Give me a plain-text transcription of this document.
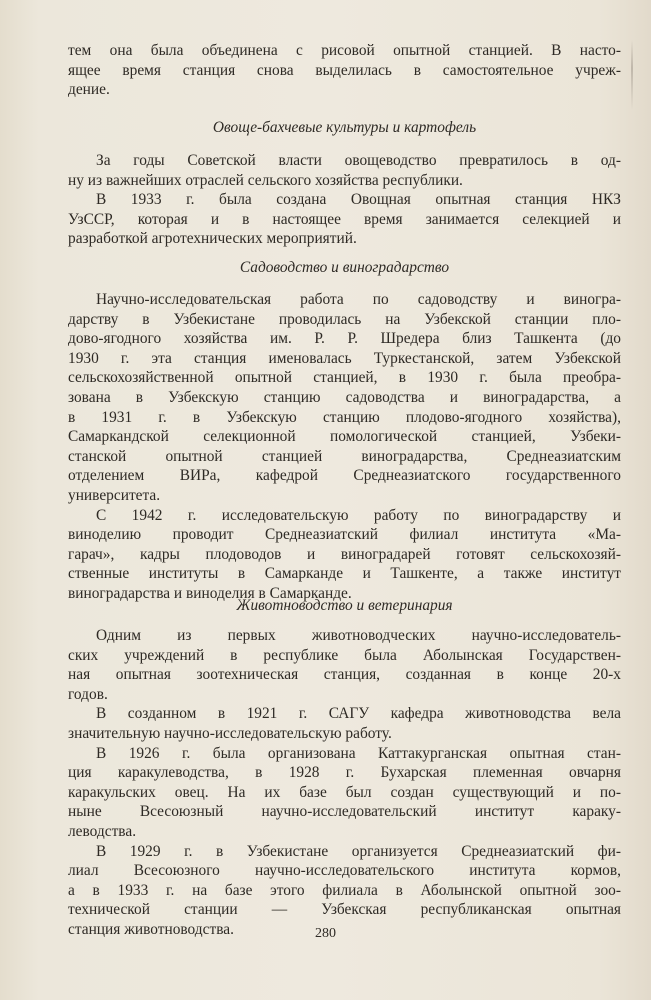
тем она была объединена с рисовой опытной станцией. В насто-
ящее время станция снова выделилась в самостоятельное учреж-
дение.
Овоще-бахчевые культуры и картофель
За годы Советской власти овощеводство превратилось в од-
ну из важнейших отраслей сельского хозяйства республики.
В 1933 г. была создана Овощная опытная станция НКЗ
УзССР, которая и в настоящее время занимается селекцией и
разработкой агротехнических мероприятий.
Садоводство и виноградарство
Научно-исследовательская работа по садоводству и виногра-
дарству в Узбекистане проводилась на Узбекской станции пло-
дово-ягодного хозяйства им. Р. Р. Шредера близ Ташкента (до
1930 г. эта станция именовалась Туркестанской, затем Узбекской
сельскохозяйственной опытной станцией, в 1930 г. была преобра-
зована в Узбекскую станцию садоводства и виноградарства, а
в 1931 г. в Узбекскую станцию плодово-ягодного хозяйства),
Самаркандской селекционной помологической станцией, Узбеки-
станской опытной станцией виноградарства, Среднеазиатским
отделением ВИРа, кафедрой Среднеазиатского государственного
университета.
С 1942 г. исследовательскую работу по виноградарству и
виноделию проводит Среднеазиатский филиал института «Ма-
гарач», кадры плодоводов и виноградарей готовят сельскохозяй-
ственные институты в Самарканде и Ташкенте, а также институт
виноградарства и виноделия в Самарканде.
Животноводство и ветеринария
Одним из первых животноводческих научно-исследователь-
ских учреждений в республике была Аболынская Государствен-
ная опытная зоотехническая станция, созданная в конце 20-х
годов.
В созданном в 1921 г. САГУ кафедра животноводства вела
значительную научно-исследовательскую работу.
В 1926 г. была организована Каттакурганская опытная стан-
ция каракулеводства, в 1928 г. Бухарская племенная овчарня
каракульских овец. На их базе был создан существующий и по-
ныне Всесоюзный научно-исследовательский институт караку-
леводства.
В 1929 г. в Узбекистане организуется Среднеазиатский фи-
лиал Всесоюзного научно-исследовательского института кормов,
а в 1933 г. на базе этого филиала в Аболынской опытной зоо-
технической станции — Узбекская республиканская опытная
станция животноводства.	280
